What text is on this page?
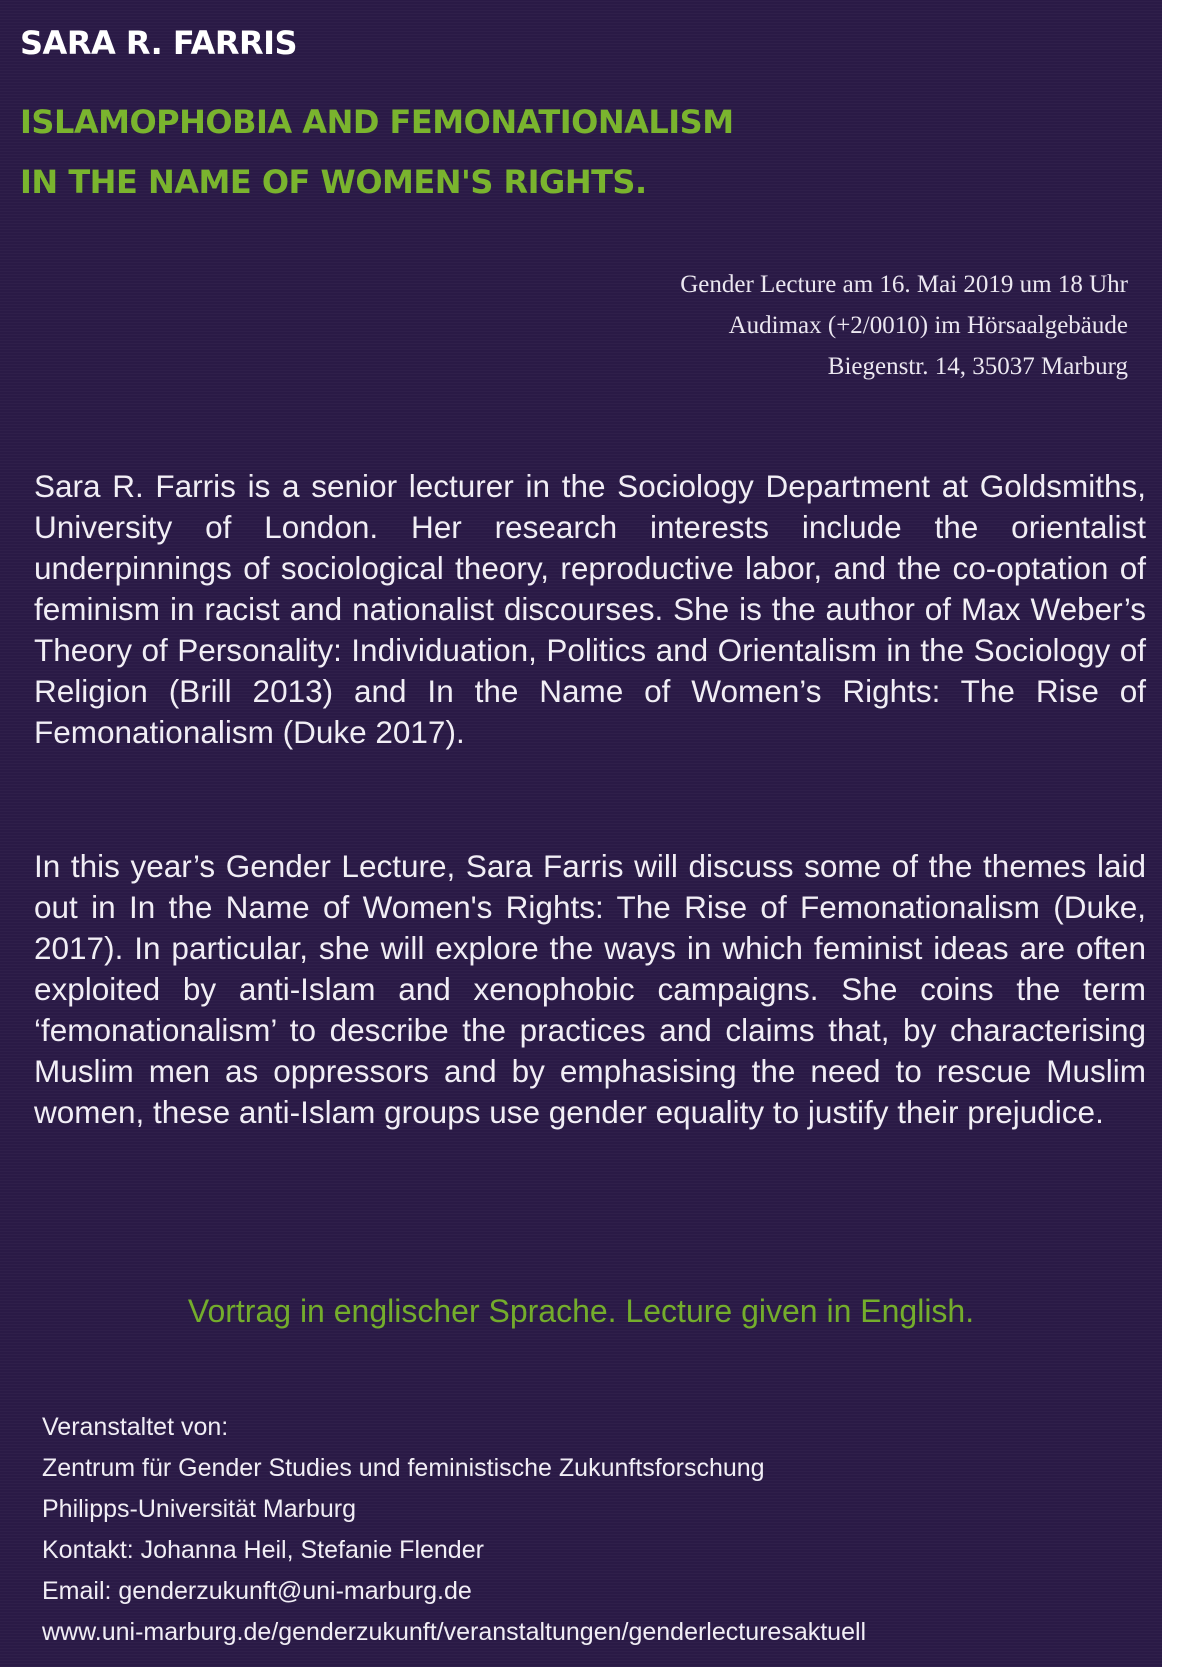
SARA R. FARRIS
ISLAMOPHOBIA AND FEMONATIONALISM
IN THE NAME OF WOMEN'S RIGHTS.
Gender Lecture am 16. Mai 2019 um 18 Uhr
Audimax (+2/0010) im Hörsaalgebäude
Biegenstr. 14, 35037 Marburg

Sara R. Farris is a senior lecturer in the Sociology Department at Goldsmiths, University of London. Her research interests include the orientalist underpinnings of sociological theory, reproductive labor, and the co-optation of feminism in racist and nationalist discourses. She is the author of Max Weber’s Theory of Personality: Individuation, Politics and Orientalism in the Sociology of Religion (Brill 2013) and In the Name of Women’s Rights: The Rise of Femonationalism (Duke 2017).

In this year’s Gender Lecture, Sara Farris will discuss some of the themes laid out in In the Name of Women's Rights: The Rise of Femonationalism (Duke, 2017). In particular, she will explore the ways in which feminist ideas are often exploited by anti-Islam and xenophobic campaigns. She coins the term ‘femonationalism’ to describe the practices and claims that, by characterising Muslim men as oppressors and by emphasising the need to rescue Muslim women, these anti-Islam groups use gender equality to justify their prejudice.

Vortrag in englischer Sprache. Lecture given in English.

Veranstaltet von:
Zentrum für Gender Studies und feministische Zukunftsforschung
Philipps-Universität Marburg
Kontakt: Johanna Heil, Stefanie Flender
Email: genderzukunft@uni-marburg.de
www.uni-marburg.de/genderzukunft/veranstaltungen/genderlecturesaktuell
